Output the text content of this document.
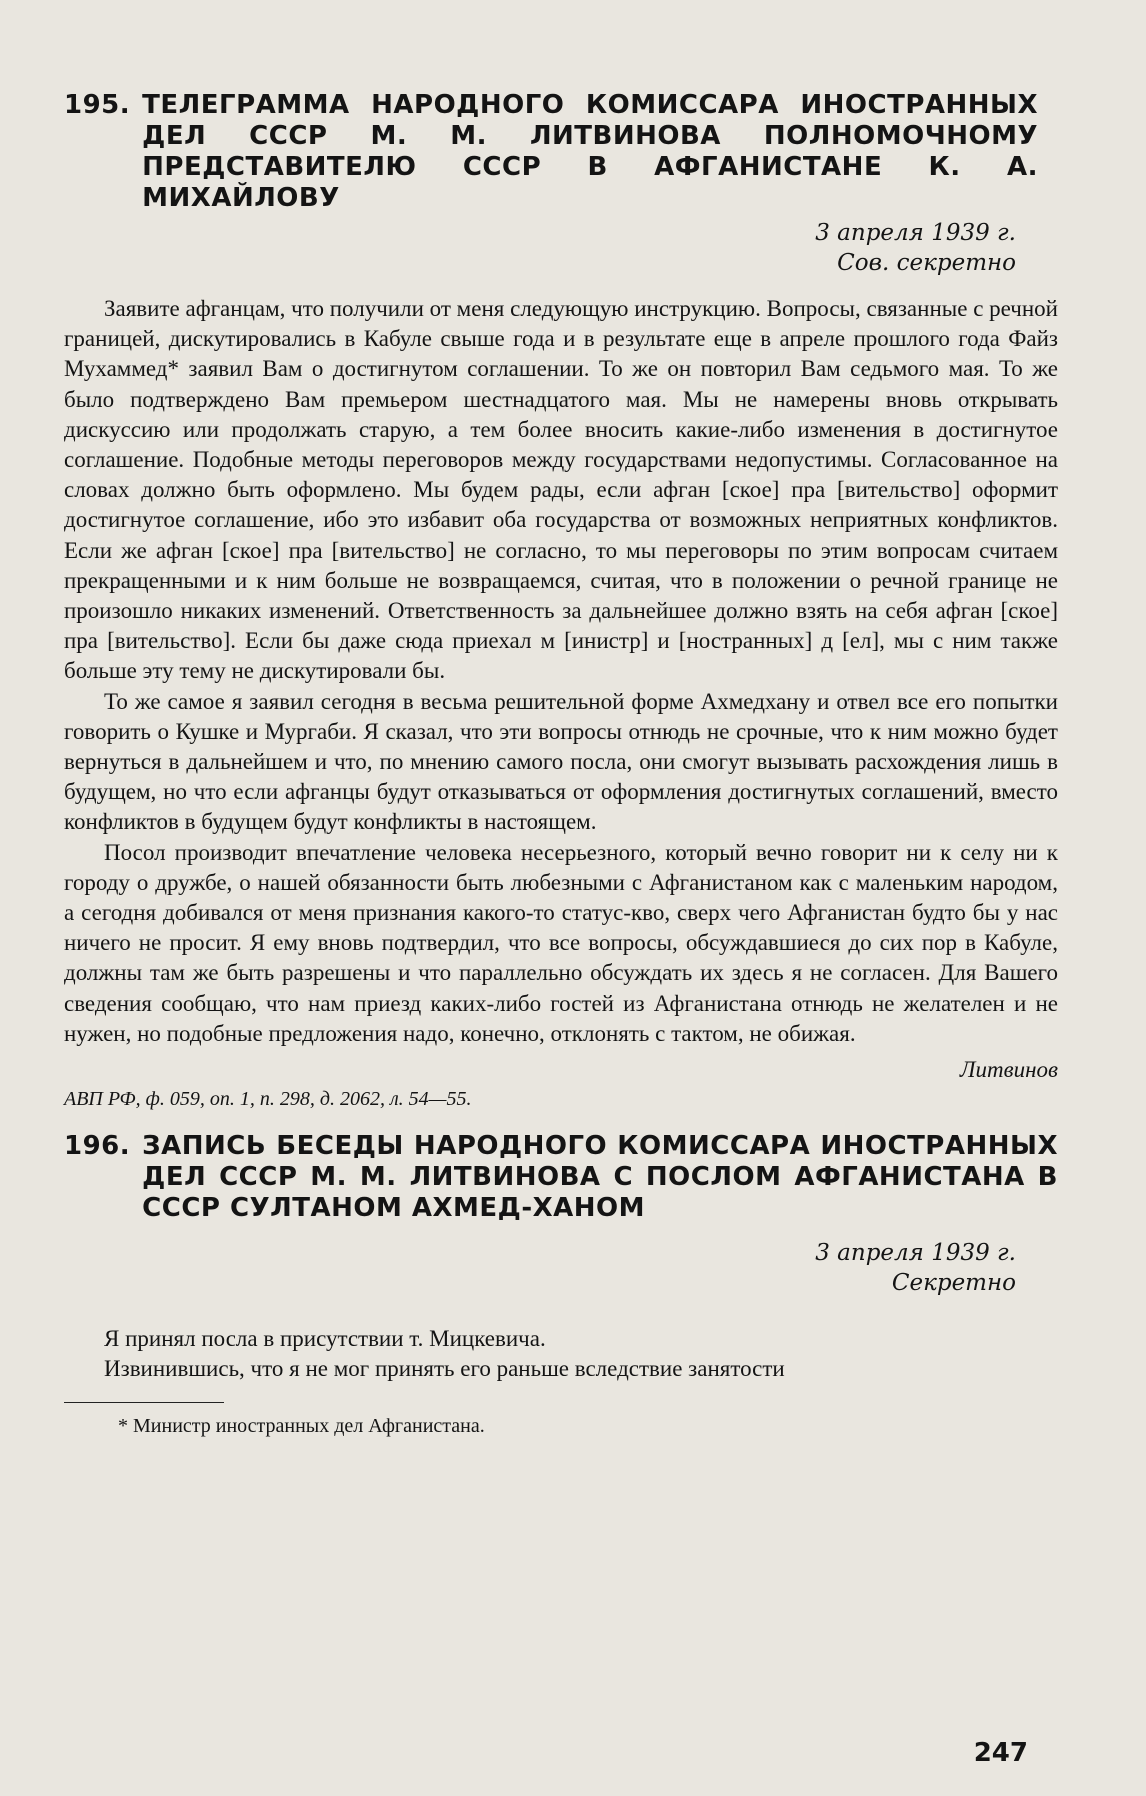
195. ТЕЛЕГРАММА НАРОДНОГО КОМИССАРА ИНОСТРАННЫХ ДЕЛ СССР М. М. ЛИТВИНОВА ПОЛНОМОЧНОМУ ПРЕДСТАВИТЕЛЮ СССР В АФГАНИСТАНЕ К. А. МИХАЙЛОВУ
3 апреля 1939 г.
Сов. секретно

Заявите афганцам, что получили от меня следующую инструкцию. Вопросы, связанные с речной границей, дискутировались в Кабуле свыше года и в результате еще в апреле прошлого года Файз Мухаммед* заявил Вам о достигнутом соглашении. То же он повторил Вам седьмого мая. То же было подтверждено Вам премьером шестнадцатого мая. Мы не намерены вновь открывать дискуссию или продолжать старую, а тем более вносить какие-либо изменения в достигнутое соглашение. Подобные методы переговоров между государствами недопустимы. Согласованное на словах должно быть оформлено. Мы будем рады, если афган [ское] пра [вительство] оформит достигнутое соглашение, ибо это избавит оба государства от возможных неприятных конфликтов. Если же афган [ское] пра [вительство] не согласно, то мы переговоры по этим вопросам считаем прекращенными и к ним больше не возвращаемся, считая, что в положении о речной границе не произошло никаких изменений. Ответственность за дальнейшее должно взять на себя афган [ское] пра [вительство]. Если бы даже сюда приехал м [инистр] и [ностранных] д [ел], мы с ним также больше эту тему не дискутировали бы.

То же самое я заявил сегодня в весьма решительной форме Ахмедхану и отвел все его попытки говорить о Кушке и Мургаби. Я сказал, что эти вопросы отнюдь не срочные, что к ним можно будет вернуться в дальнейшем и что, по мнению самого посла, они смогут вызывать расхождения лишь в будущем, но что если афганцы будут отказываться от оформления достигнутых соглашений, вместо конфликтов в будущем будут конфликты в настоящем.

Посол производит впечатление человека несерьезного, который вечно говорит ни к селу ни к городу о дружбе, о нашей обязанности быть любезными с Афганистаном как с маленьким народом, а сегодня добивался от меня признания какого-то статус-кво, сверх чего Афганистан будто бы у нас ничего не просит. Я ему вновь подтвердил, что все вопросы, обсуждавшиеся до сих пор в Кабуле, должны там же быть разрешены и что параллельно обсуждать их здесь я не согласен. Для Вашего сведения сообщаю, что нам приезд каких-либо гостей из Афганистана отнюдь не желателен и не нужен, но подобные предложения надо, конечно, отклонять с тактом, не обижая.

Литвинов
АВП РФ, ф. 059, оп. 1, п. 298, д. 2062, л. 54—55.
196. ЗАПИСЬ БЕСЕДЫ НАРОДНОГО КОМИССАРА ИНОСТРАННЫХ ДЕЛ СССР М. М. ЛИТВИНОВА С ПОСЛОМ АФГАНИСТАНА В СССР СУЛТАНОМ АХМЕД-ХАНОМ
3 апреля 1939 г.
Секретно

Я принял посла в присутствии т. Мицкевича.

Извинившись, что я не мог принять его раньше вследствие занятости

* Министр иностранных дел Афганистана.
247
